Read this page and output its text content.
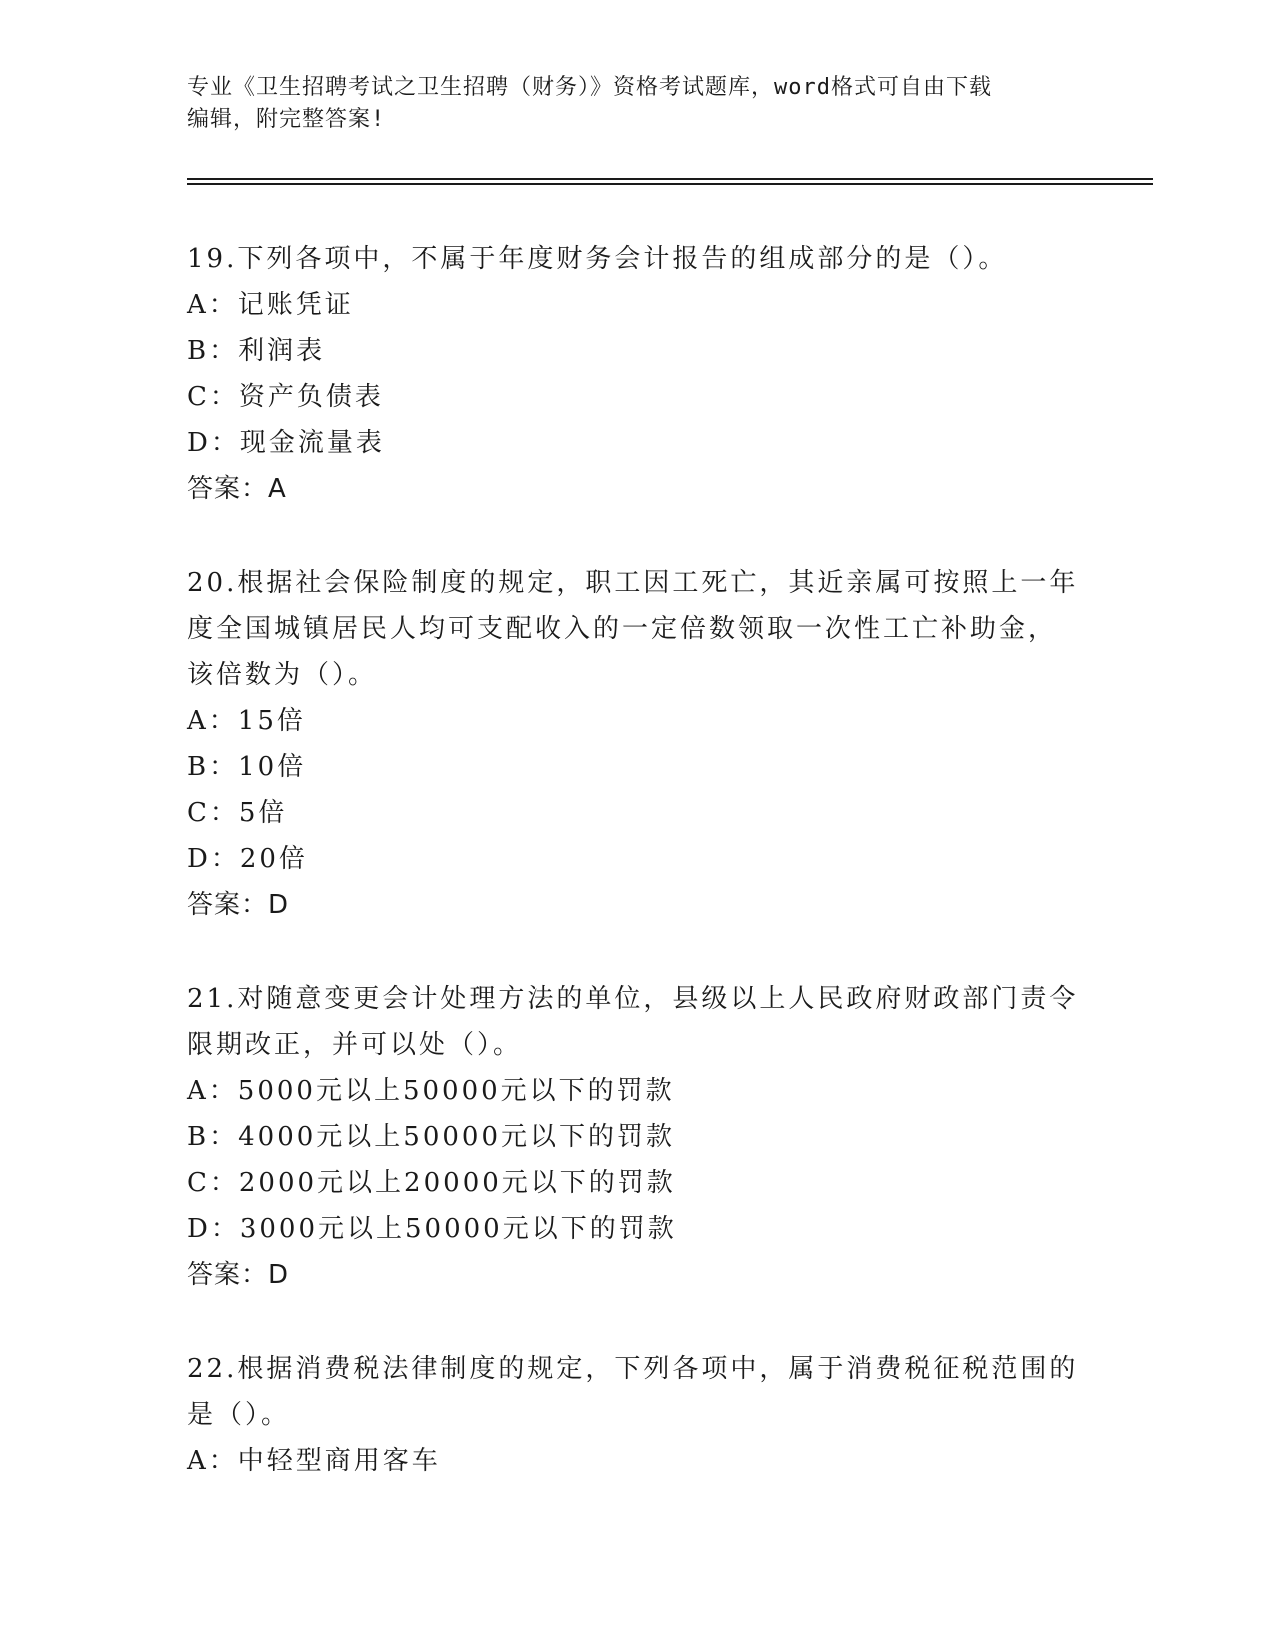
专业《卫生招聘考试之卫生招聘（财务）》资格考试题库，word格式可自由下载
编辑，附完整答案!
19.下列各项中，不属于年度财务会计报告的组成部分的是（）。
A：记账凭证
B：利润表
C：资产负债表
D：现金流量表
答案：A
20.根据社会保险制度的规定，职工因工死亡，其近亲属可按照上一年
度全国城镇居民人均可支配收入的一定倍数领取一次性工亡补助金，
该倍数为（）。
A：15倍
B：10倍
C：5倍
D：20倍
答案：D
21.对随意变更会计处理方法的单位，县级以上人民政府财政部门责令
限期改正，并可以处（）。
A：5000元以上50000元以下的罚款
B：4000元以上50000元以下的罚款
C：2000元以上20000元以下的罚款
D：3000元以上50000元以下的罚款
答案：D
22.根据消费税法律制度的规定，下列各项中，属于消费税征税范围的
是（）。
A：中轻型商用客车
